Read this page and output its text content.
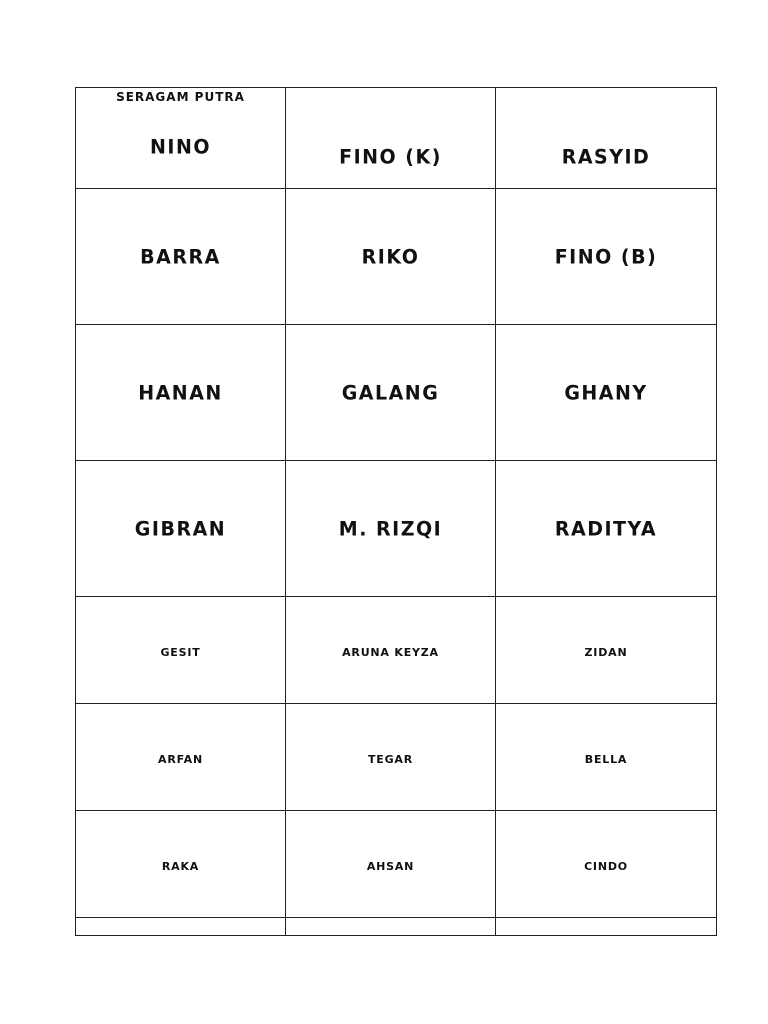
SERAGAM PUTRA
NINO	FINO (K)	RASYID

BARRA	RIKO	FINO (B)
HANAN	GALANG	GHANY
GIBRAN	M. RIZQI	RADITYA
GESIT	ARUNA KEYZA	ZIDAN
ARFAN	TEGAR	BELLA
RAKA	AHSAN	CINDO
